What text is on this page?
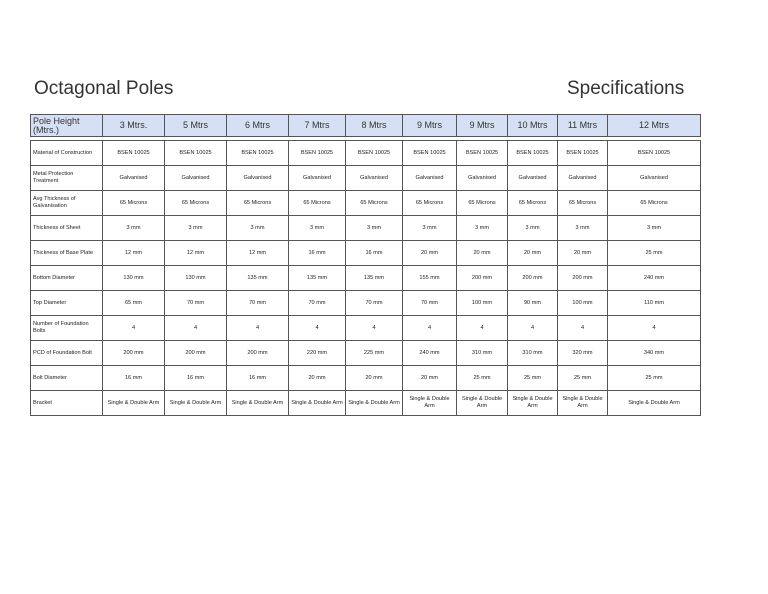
Octagonal Poles	Specifications
Pole Height (Mtrs.)	3 Mtrs.	5 Mtrs	6 Mtrs	7 Mtrs	8 Mtrs	9 Mtrs	9 Mtrs	10 Mtrs	11 Mtrs	12 Mtrs

Material of Construction	BSEN 10025	BSEN 10025	BSEN 10025	BSEN 10025	BSEN 10025	BSEN 10025	BSEN 10025	BSEN 10025	BSEN 10025	BSEN 10025
Metal Protection Treatment	Galvanised	Galvanised	Galvanised	Galvanised	Galvanised	Galvanised	Galvanised	Galvanised	Galvanised	Galvanised
Avg Thickness of Galvanisation	65 Microns	65 Microns	65 Microns	65 Microns	65 Microns	65 Microns	65 Microns	65 Microns	65 Microns	65 Microns
Thickness of Sheet	3 mm	3 mm	3 mm	3 mm	3 mm	3 mm	3 mm	3 mm	3 mm	3 mm
Thickness of Base Plate	12 mm	12 mm	12 mm	16 mm	16 mm	20 mm	20 mm	20 mm	20 mm	25 mm
Bottom Diameter	130 mm	130 mm	135 mm	135 mm	135 mm	155 mm	200 mm	200 mm	200 mm	240 mm
Top Diameter	65 mm	70 mm	70 mm	70 mm	70 mm	70 mm	100 mm	90 mm	100 mm	110 mm
Number of Foundation Bolts	4	4	4	4	4	4	4	4	4	4
PCD of Foundation Bolt	200 mm	200 mm	200 mm	220 mm	225 mm	240 mm	310 mm	310 mm	320 mm	340 mm
Bolt Diameter	16 mm	16 mm	16 mm	20 mm	20 mm	20 mm	25 mm	25 mm	25 mm	25 mm
Bracket	Single & Double Arm	Single & Double Arm	Single & Double Arm	Single & Double Arm	Single & Double Arm	Single & Double Arm	Single & Double Arm	Single & Double Arm	Single & Double Arm	Single & Double Arm
